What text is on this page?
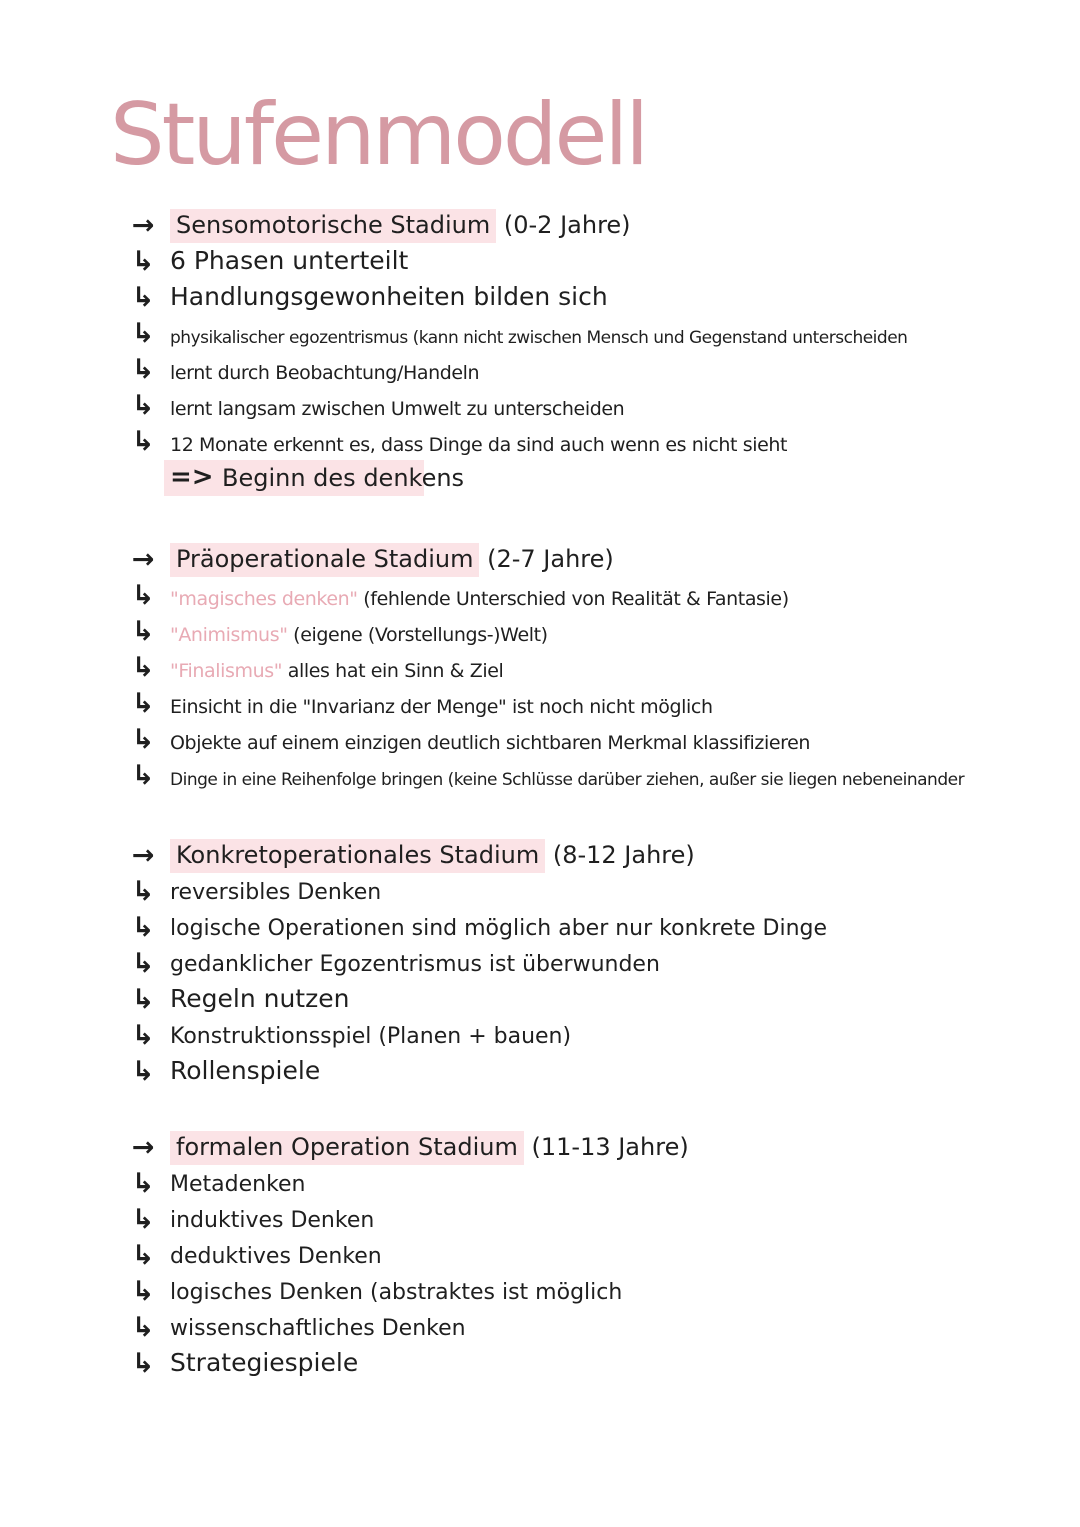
Stufenmodell
→ Sensomotorische Stadium (0-2 Jahre)
↳ 6 Phasen unterteilt
↳ Handlungsgewonheiten bilden sich
↳ physikalischer egozentrismus (kann nicht zwischen Mensch und Gegenstand unterscheiden
↳ lernt durch Beobachtung/Handeln
↳ lernt langsam zwischen Umwelt zu unterscheiden
↳ 12 Monate erkennt es, dass Dinge da sind auch wenn es nicht sieht
=> Beginn des denkens
→ Präoperationale Stadium (2-7 Jahre)
↳ "magisches denken" (fehlende Unterschied von Realität & Fantasie)
↳ "Animismus" (eigene (Vorstellungs-)Welt)
↳ "Finalismus" alles hat ein Sinn & Ziel
↳ Einsicht in die "Invarianz der Menge" ist noch nicht möglich
↳ Objekte auf einem einzigen deutlich sichtbaren Merkmal klassifizieren
↳ Dinge in eine Reihenfolge bringen (keine Schlüsse darüber ziehen, außer sie liegen nebeneinander
→ Konkretoperationales Stadium (8-12 Jahre)
↳ reversibles Denken
↳ logische Operationen sind möglich aber nur konkrete Dinge
↳ gedanklicher Egozentrismus ist überwunden
↳ Regeln nutzen
↳ Konstruktionsspiel (Planen + bauen)
↳ Rollenspiele
→ formalen Operation Stadium (11-13 Jahre)
↳ Metadenken
↳ induktives Denken
↳ deduktives Denken
↳ logisches Denken (abstraktes ist möglich
↳ wissenschaftliches Denken
↳ Strategiespiele
